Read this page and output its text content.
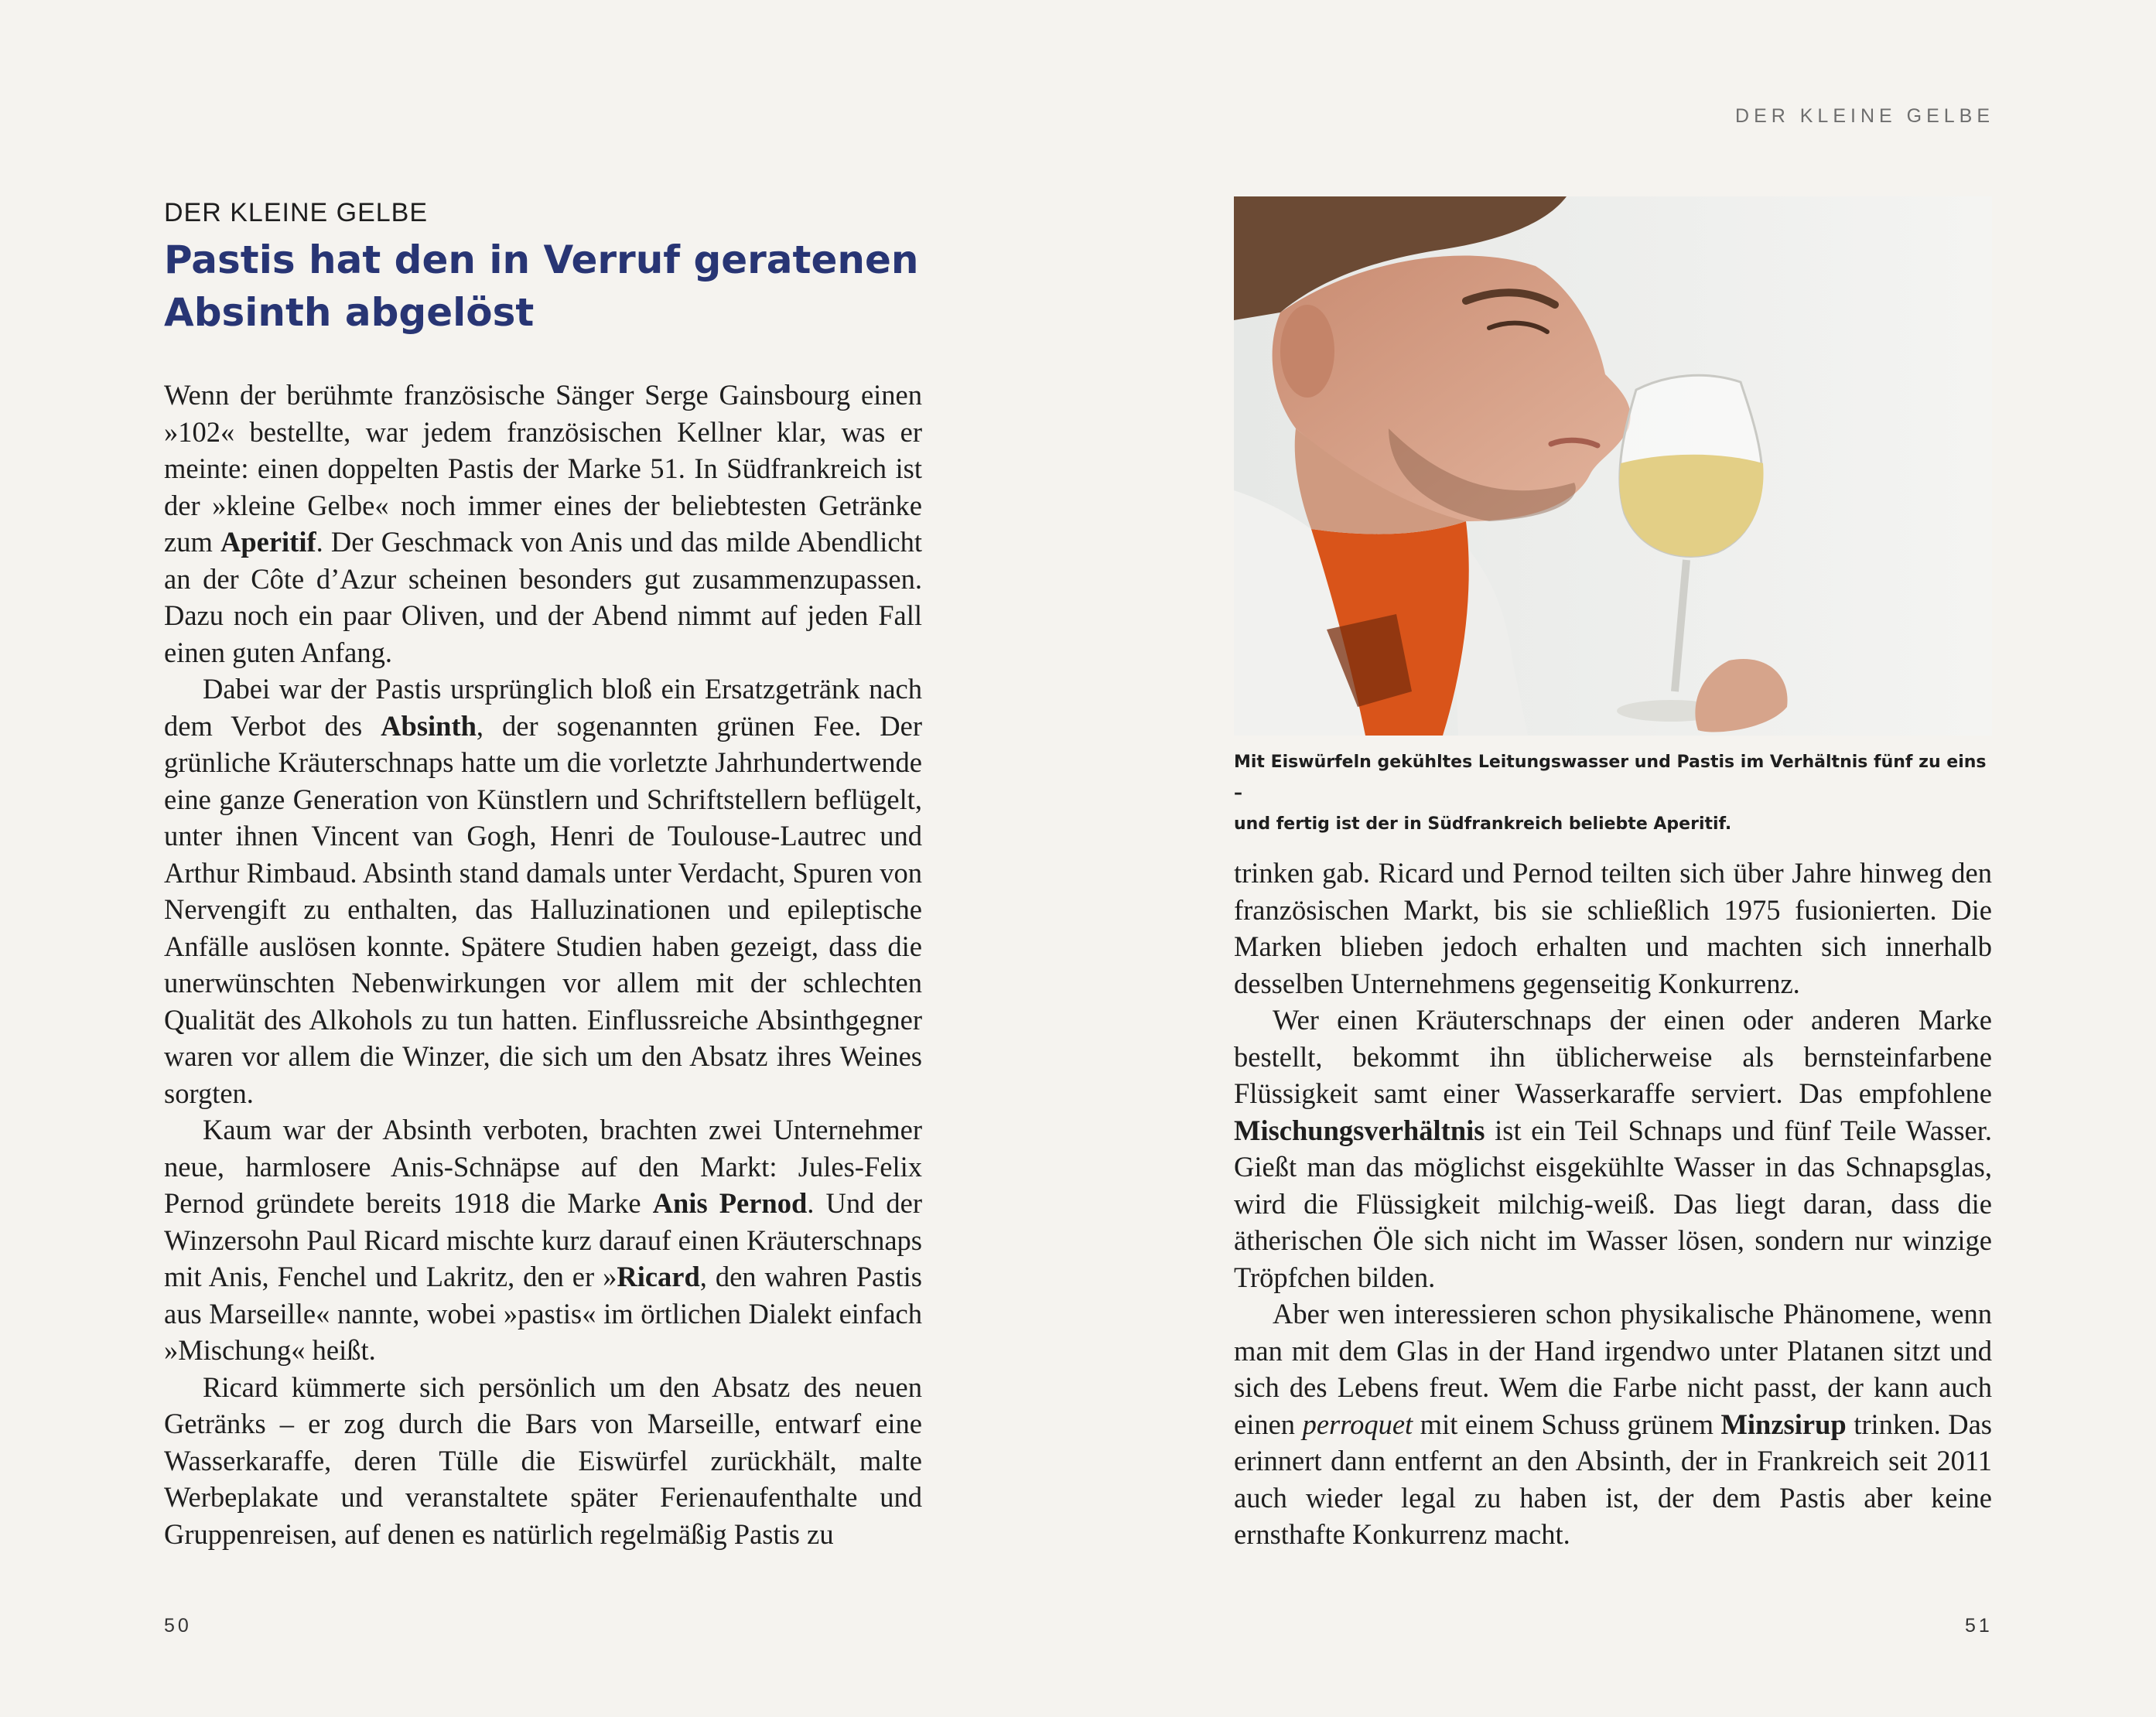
DER KLEINE GELBE
DER KLEINE GELBE
Pastis hat den in Verruf geratenen
Absinth abgelöst

Wenn der berühmte französische Sänger Serge Gainsbourg einen »102« bestellte, war jedem französischen Kellner klar, was er meinte: einen doppelten Pastis der Marke 51. In Südfrankreich ist der »kleine Gelbe« noch immer eines der beliebtesten Getränke zum Aperitif. Der Geschmack von Anis und das milde Abendlicht an der Côte d’Azur scheinen besonders gut zusammenzupassen. Dazu noch ein paar Oliven, und der Abend nimmt auf jeden Fall einen guten Anfang.

Dabei war der Pastis ursprünglich bloß ein Ersatzgetränk nach dem Verbot des Absinth, der sogenannten grünen Fee. Der grünliche Kräuterschnaps hatte um die vorletzte Jahrhundertwende eine ganze Generation von Künstlern und Schriftstellern beflügelt, unter ihnen Vincent van Gogh, Henri de Toulouse-Lautrec und Arthur Rimbaud. Absinth stand damals unter Verdacht, Spuren von Nervengift zu enthalten, das Halluzinationen und epileptische Anfälle auslösen konnte. Spätere Studien haben gezeigt, dass die unerwünschten Nebenwirkungen vor allem mit der schlechten Qualität des Alkohols zu tun hatten. Einflussreiche Absinthgegner waren vor allem die Winzer, die sich um den Absatz ihres Weines sorgten.

Kaum war der Absinth verboten, brachten zwei Unternehmer neue, harmlosere Anis-Schnäpse auf den Markt: Jules-Felix Pernod gründete bereits 1918 die Marke Anis Pernod. Und der Winzersohn Paul Ricard mischte kurz darauf einen Kräuterschnaps mit Anis, Fenchel und Lakritz, den er »Ricard, den wahren Pastis aus Marseille« nannte, wobei »pastis« im örtlichen Dialekt einfach »Mischung« heißt.

Ricard kümmerte sich persönlich um den Absatz des neuen Getränks – er zog durch die Bars von Marseille, entwarf eine Wasserkaraffe, deren Tülle die Eiswürfel zurückhält, malte Werbeplakate und veranstaltete später Ferienaufenthalte und Gruppenreisen, auf denen es natürlich regelmäßig Pastis zu

Mit Eiswürfeln gekühltes Leitungswasser und Pastis im Verhältnis fünf zu eins –
und fertig ist der in Südfrankreich beliebte Aperitif.

trinken gab. Ricard und Pernod teilten sich über Jahre hinweg den französischen Markt, bis sie schließlich 1975 fusionierten. Die Marken blieben jedoch erhalten und machten sich innerhalb desselben Unternehmens gegenseitig Konkurrenz.

Wer einen Kräuterschnaps der einen oder anderen Marke bestellt, bekommt ihn üblicherweise als bernsteinfarbene Flüssigkeit samt einer Wasserkaraffe serviert. Das empfohlene Mischungsverhältnis ist ein Teil Schnaps und fünf Teile Wasser. Gießt man das möglichst eisgekühlte Wasser in das Schnapsglas, wird die Flüssigkeit milchig-weiß. Das liegt daran, dass die ätherischen Öle sich nicht im Wasser lösen, sondern nur winzige Tröpfchen bilden.

Aber wen interessieren schon physikalische Phänomene, wenn man mit dem Glas in der Hand irgendwo unter Platanen sitzt und sich des Lebens freut. Wem die Farbe nicht passt, der kann auch einen perroquet mit einem Schuss grünem Minzsirup trinken. Das erinnert dann entfernt an den Absinth, der in Frankreich seit 2011 auch wieder legal zu haben ist, der dem Pastis aber keine ernsthafte Konkurrenz macht.

50	51
